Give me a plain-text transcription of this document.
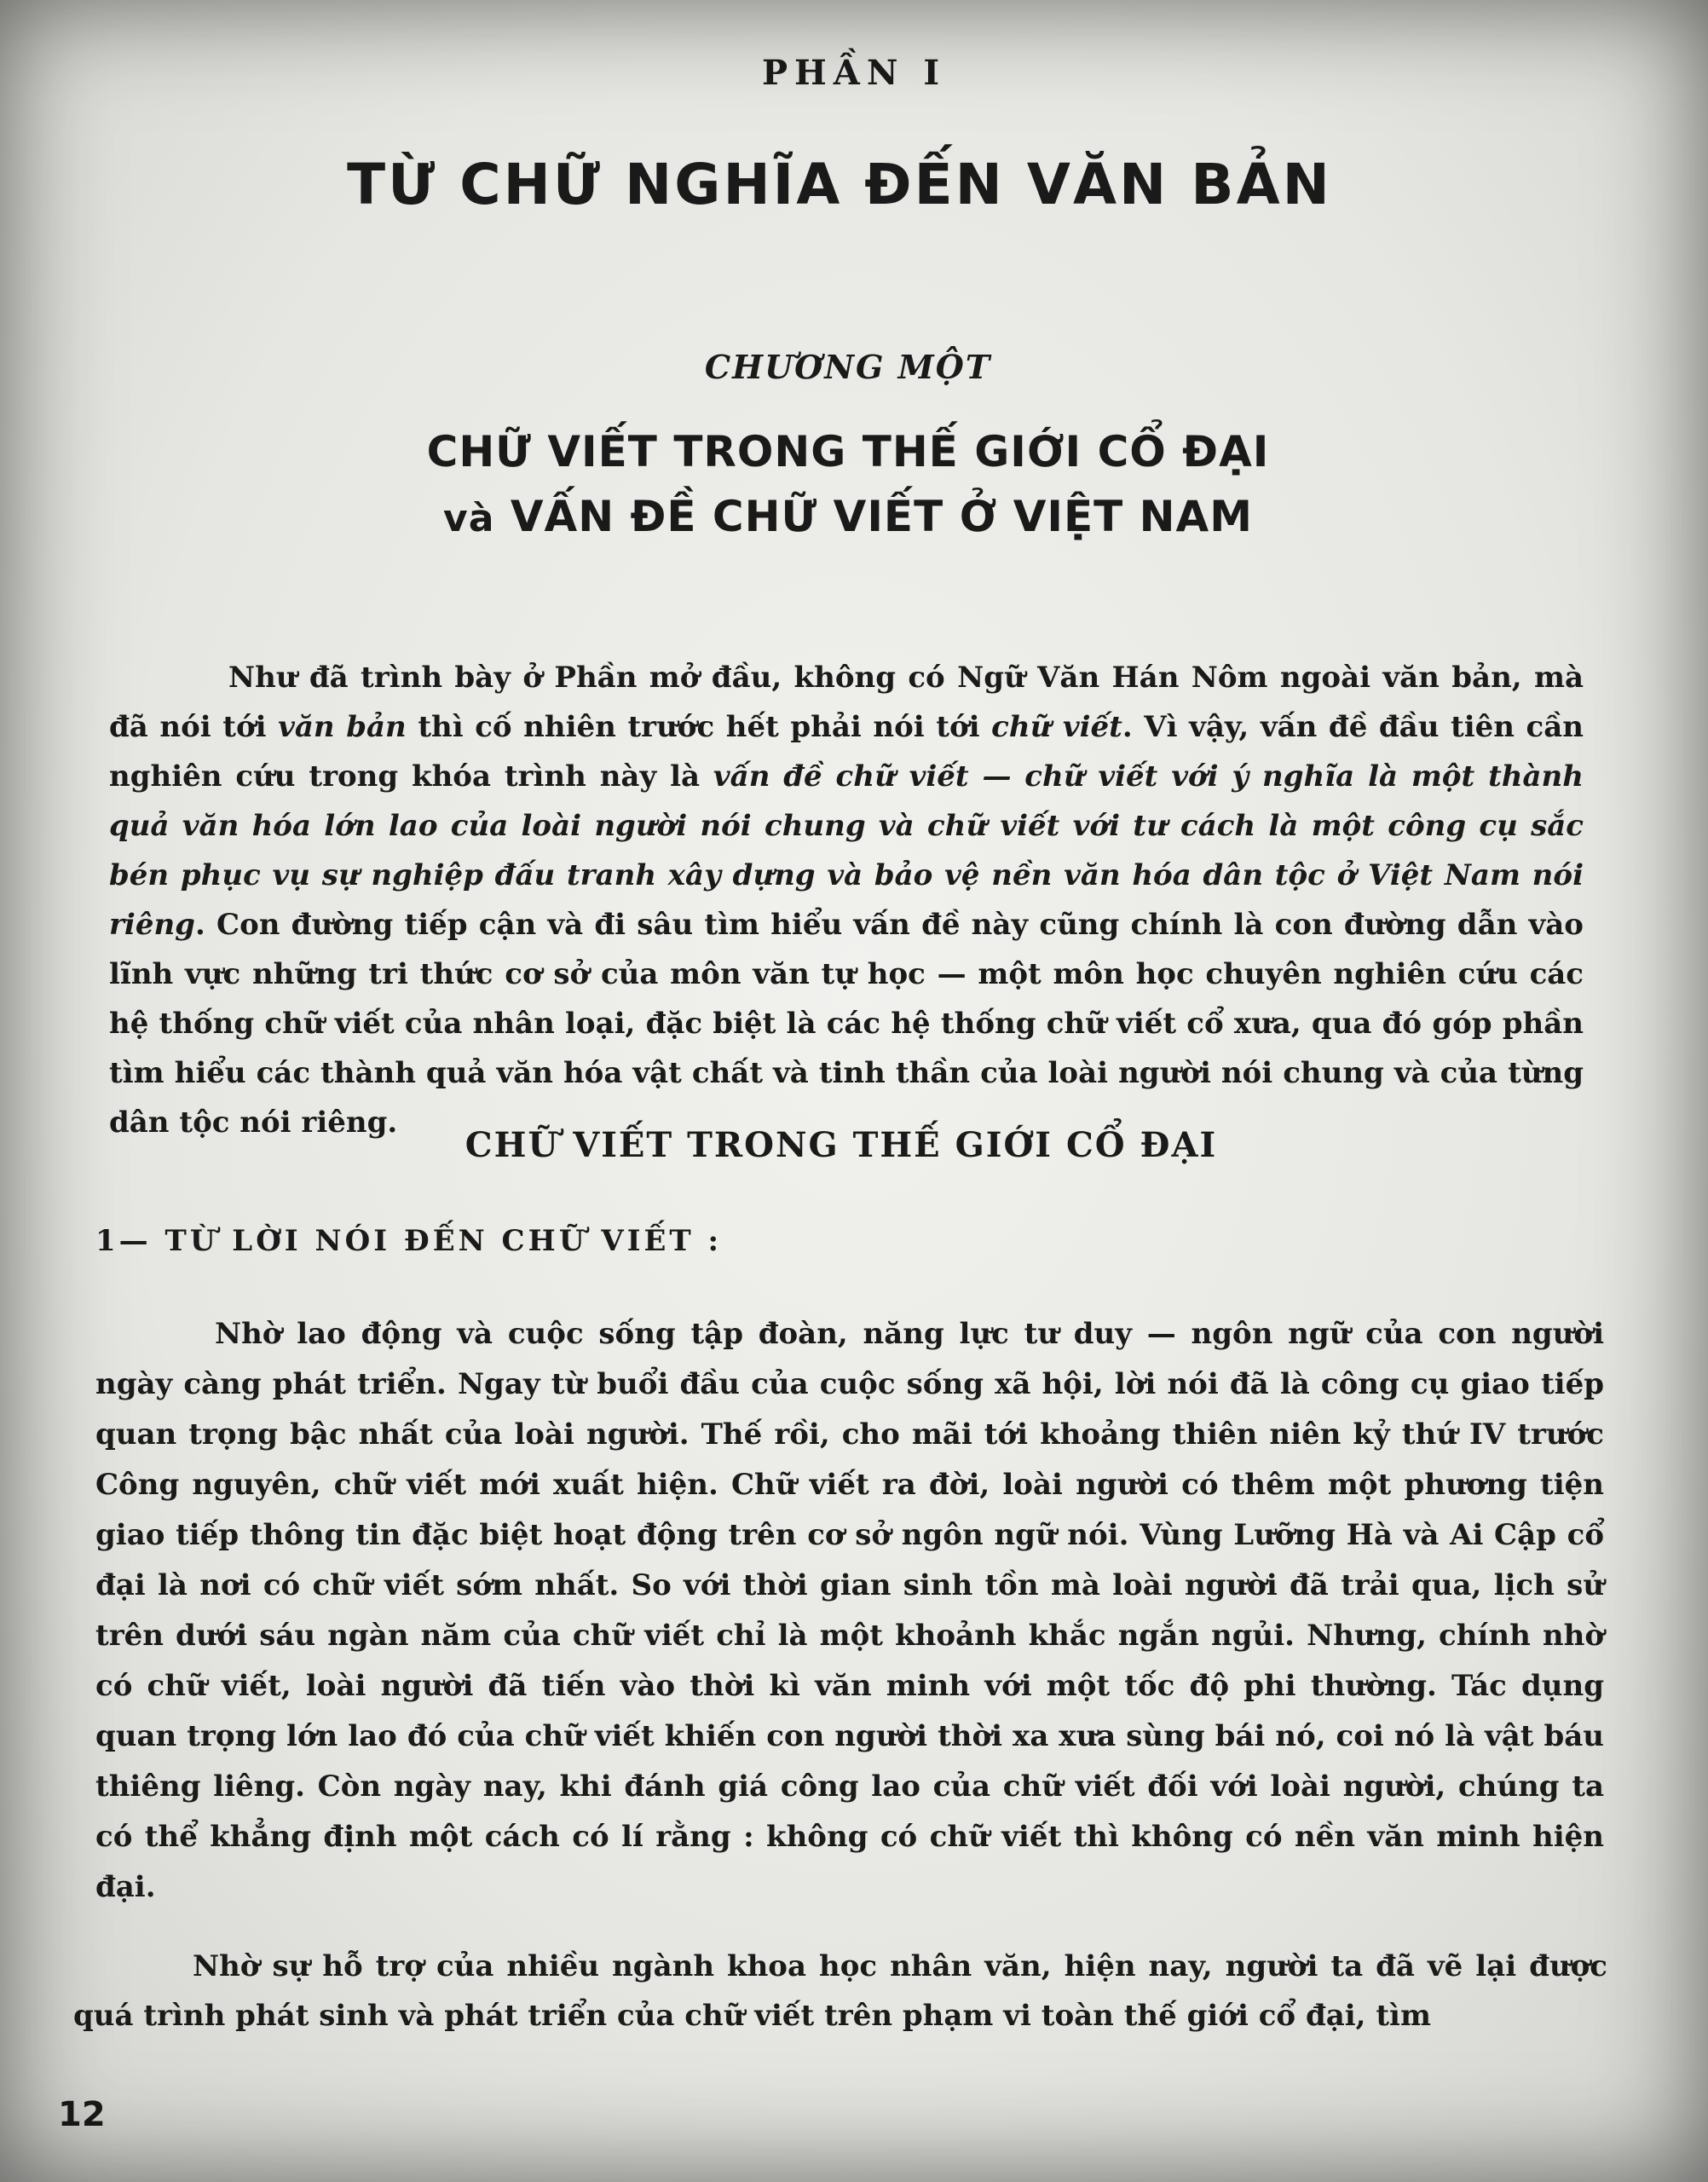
PHẦN I
TỪ CHỮ NGHĨA ĐẾN VĂN BẢN
CHƯƠNG MỘT
CHỮ VIẾT TRONG THẾ GIỚI CỔ ĐẠI
và VẤN ĐỀ CHỮ VIẾT Ở VIỆT NAM

Như đã trình bày ở Phần mở đầu, không có Ngữ Văn Hán Nôm ngoài văn bản, mà đã nói tới văn bản thì cố nhiên trước hết phải nói tới chữ viết. Vì vậy, vấn đề đầu tiên cần nghiên cứu trong khóa trình này là vấn đề chữ viết — chữ viết với ý nghĩa là một thành quả văn hóa lớn lao của loài người nói chung và chữ viết với tư cách là một công cụ sắc bén phục vụ sự nghiệp đấu tranh xây dựng và bảo vệ nền văn hóa dân tộc ở Việt Nam nói riêng. Con đường tiếp cận và đi sâu tìm hiểu vấn đề này cũng chính là con đường dẫn vào lĩnh vực những tri thức cơ sở của môn văn tự học — một môn học chuyên nghiên cứu các hệ thống chữ viết của nhân loại, đặc biệt là các hệ thống chữ viết cổ xưa, qua đó góp phần tìm hiểu các thành quả văn hóa vật chất và tinh thần của loài người nói chung và của từng dân tộc nói riêng.

CHỮ VIẾT TRONG THẾ GIỚI CỔ ĐẠI
1— TỪ LỜI NÓI ĐẾN CHỮ VIẾT :

Nhờ lao động và cuộc sống tập đoàn, năng lực tư duy — ngôn ngữ của con người ngày càng phát triển. Ngay từ buổi đầu của cuộc sống xã hội, lời nói đã là công cụ giao tiếp quan trọng bậc nhất của loài người. Thế rồi, cho mãi tới khoảng thiên niên kỷ thứ IV trước Công nguyên, chữ viết mới xuất hiện. Chữ viết ra đời, loài người có thêm một phương tiện giao tiếp thông tin đặc biệt hoạt động trên cơ sở ngôn ngữ nói. Vùng Lưỡng Hà và Ai Cập cổ đại là nơi có chữ viết sớm nhất. So với thời gian sinh tồn mà loài người đã trải qua, lịch sử trên dưới sáu ngàn năm của chữ viết chỉ là một khoảnh khắc ngắn ngủi. Nhưng, chính nhờ có chữ viết, loài người đã tiến vào thời kì văn minh với một tốc độ phi thường. Tác dụng quan trọng lớn lao đó của chữ viết khiến con người thời xa xưa sùng bái nó, coi nó là vật báu thiêng liêng. Còn ngày nay, khi đánh giá công lao của chữ viết đối với loài người, chúng ta có thể khẳng định một cách có lí rằng : không có chữ viết thì không có nền văn minh hiện đại.

Nhờ sự hỗ trợ của nhiều ngành khoa học nhân văn, hiện nay, người ta đã vẽ lại được quá trình phát sinh và phát triển của chữ viết trên phạm vi toàn thế giới cổ đại, tìm

12
